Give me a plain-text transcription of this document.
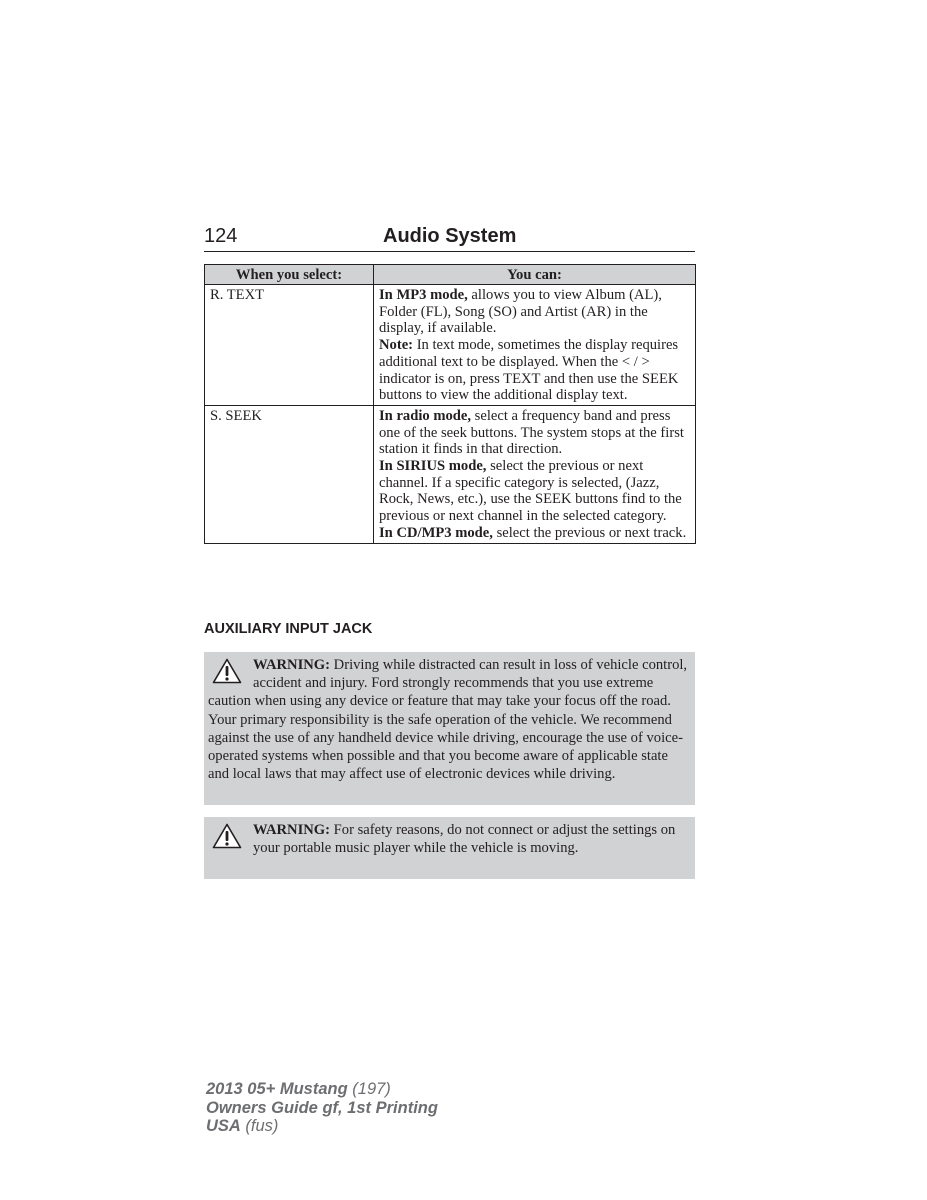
124	Audio System
When you select:	You can:
R. TEXT	In MP3 mode, allows you to view Album (AL), Folder (FL), Song (SO) and Artist (AR) in the display, if available.
Note: In text mode, sometimes the display requires additional text to be displayed. When the < / > indicator is on, press TEXT and then use the SEEK buttons to view the additional display text.

S. SEEK	In radio mode, select a frequency band and press one of the seek buttons. The system stops at the first station it finds in that direction.
In SIRIUS mode, select the previous or next channel. If a specific category is selected, (Jazz, Rock, News, etc.), use the SEEK buttons find to the previous or next channel in the selected category.
In CD/MP3 mode, select the previous or next track.
AUXILIARY INPUT JACK
WARNING: Driving while distracted can result in loss of vehicle control, accident and injury. Ford strongly recommends that you use extreme caution when using any device or feature that may take your focus off the road. Your primary responsibility is the safe operation of the vehicle. We recommend against the use of any handheld device while driving, encourage the use of voice-operated systems when possible and that you become aware of applicable state and local laws that may affect use of electronic devices while driving.
WARNING: For safety reasons, do not connect or adjust the settings on your portable music player while the vehicle is moving.
2013 05+ Mustang (197)
Owners Guide gf, 1st Printing
USA (fus)
